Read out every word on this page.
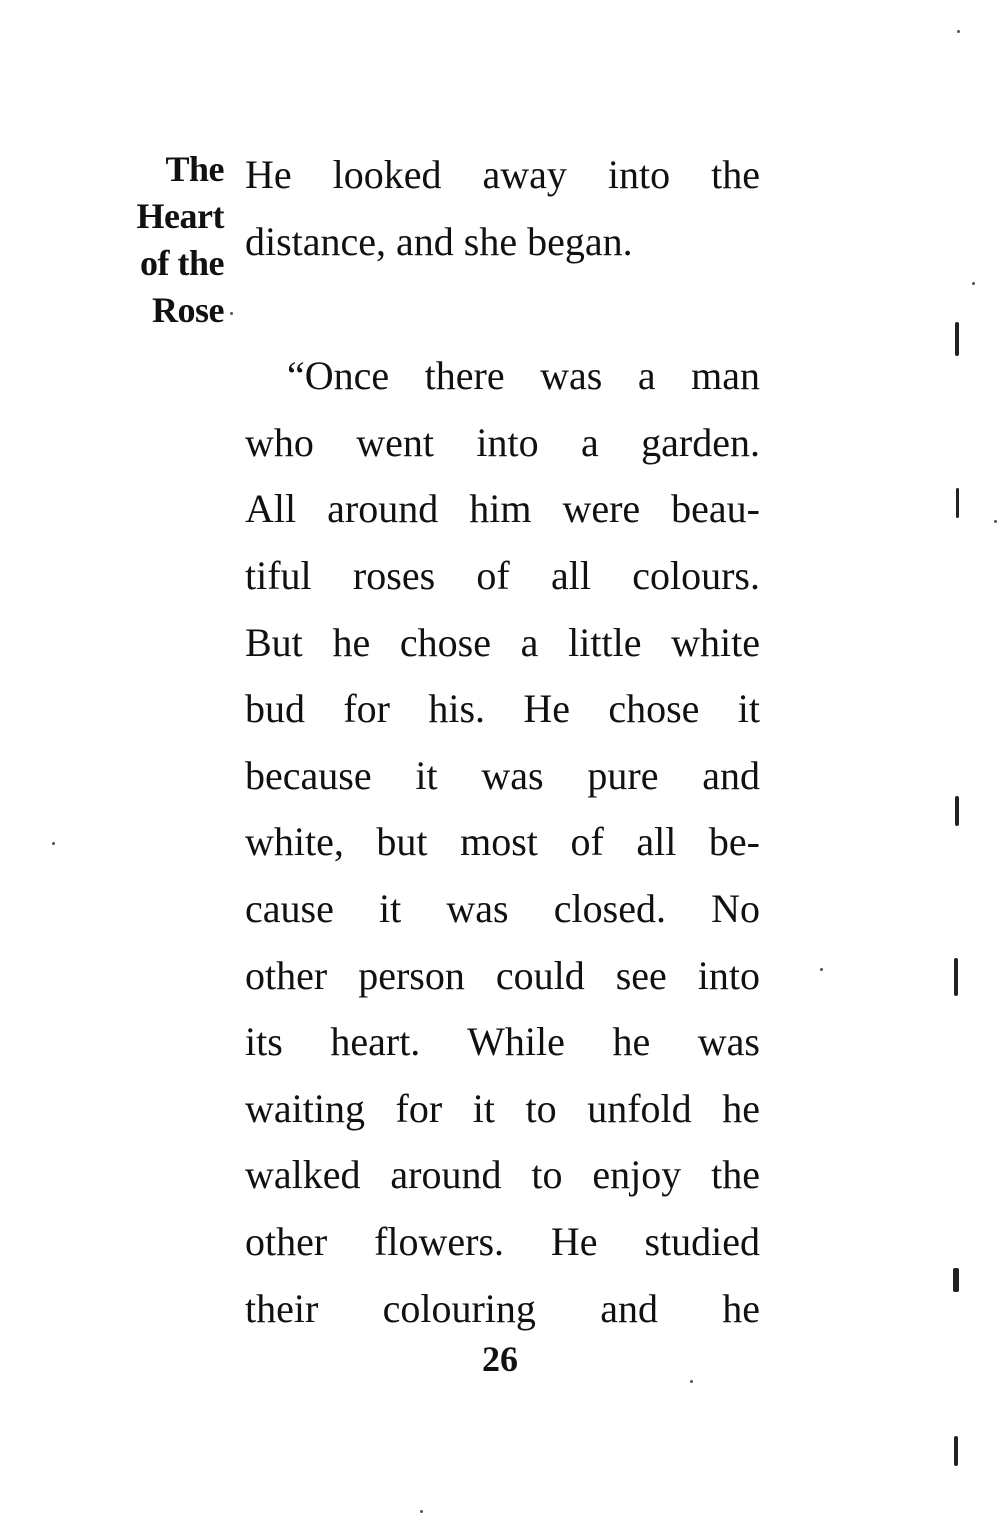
The
Heart
of the
Rose
He looked away into the
distance, and she began.
“Once there was a man
who went into a garden.
All around him were beau-
tiful roses of all colours.
But he chose a little white
bud for his. He chose it
because it was pure and
white, but most of all be-
cause it was closed. No
other person could see into
its heart. While he was
waiting for it to unfold he
walked around to enjoy the
other flowers. He studied
their colouring and he
26
